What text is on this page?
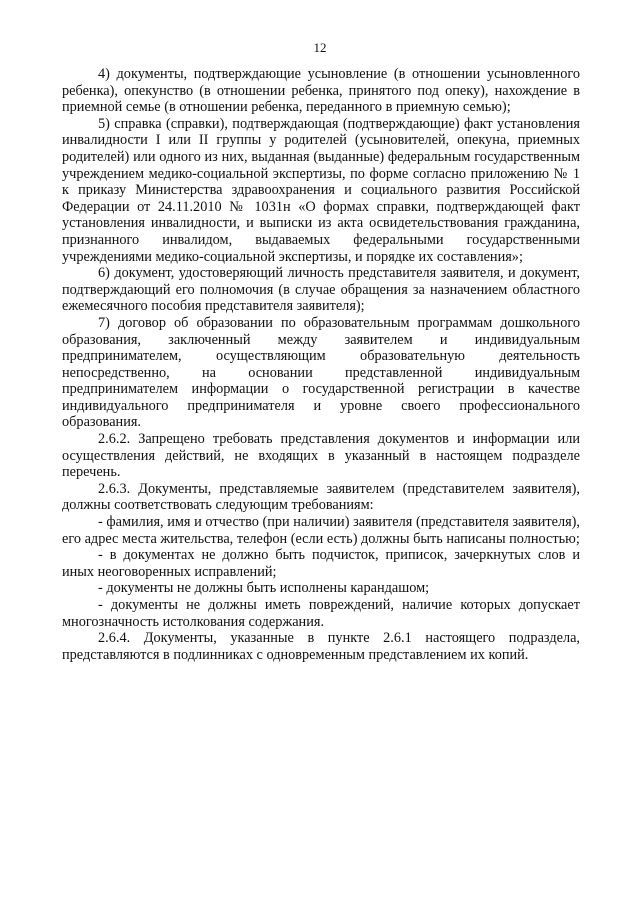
12

4) документы, подтверждающие усыновление (в отношении усыновленного ребенка), опекунство (в отношении ребенка, принятого под опеку), нахождение в приемной семье (в отношении ребенка, переданного в приемную семью);

5) справка (справки), подтверждающая (подтверждающие) факт установления инвалидности I или II группы у родителей (усыновителей, опекуна, приемных родителей) или одного из них, выданная (выданные) федеральным государственным учреждением медико-социальной экспертизы, по форме согласно приложению № 1 к приказу Министерства здравоохранения и социального развития Российской Федерации от 24.11.2010 № 1031н «О формах справки, подтверждающей факт установления инвалидности, и выписки из акта освидетельствования гражданина, признанного инвалидом, выдаваемых федеральными государственными учреждениями медико-социальной экспертизы, и порядке их составления»;

6) документ, удостоверяющий личность представителя заявителя, и документ, подтверждающий его полномочия (в случае обращения за назначением областного ежемесячного пособия представителя заявителя);

7) договор об образовании по образовательным программам дошкольного образования, заключенный между заявителем и индивидуальным предпринимателем, осуществляющим образовательную деятельность непосредственно, на основании представленной индивидуальным предпринимателем информации о государственной регистрации в качестве индивидуального предпринимателя и уровне своего профессионального образования.

2.6.2. Запрещено требовать представления документов и информации или осуществления действий, не входящих в указанный в настоящем подразделе перечень.

2.6.3. Документы, представляемые заявителем (представителем заявителя), должны соответствовать следующим требованиям:

- фамилия, имя и отчество (при наличии) заявителя (представителя заявителя), его адрес места жительства, телефон (если есть) должны быть написаны полностью;

- в документах не должно быть подчисток, приписок, зачеркнутых слов и иных неоговоренных исправлений;

- документы не должны быть исполнены карандашом;

- документы не должны иметь повреждений, наличие которых допускает многозначность истолкования содержания.

2.6.4. Документы, указанные в пункте 2.6.1 настоящего подраздела, представляются в подлинниках с одновременным представлением их копий.
